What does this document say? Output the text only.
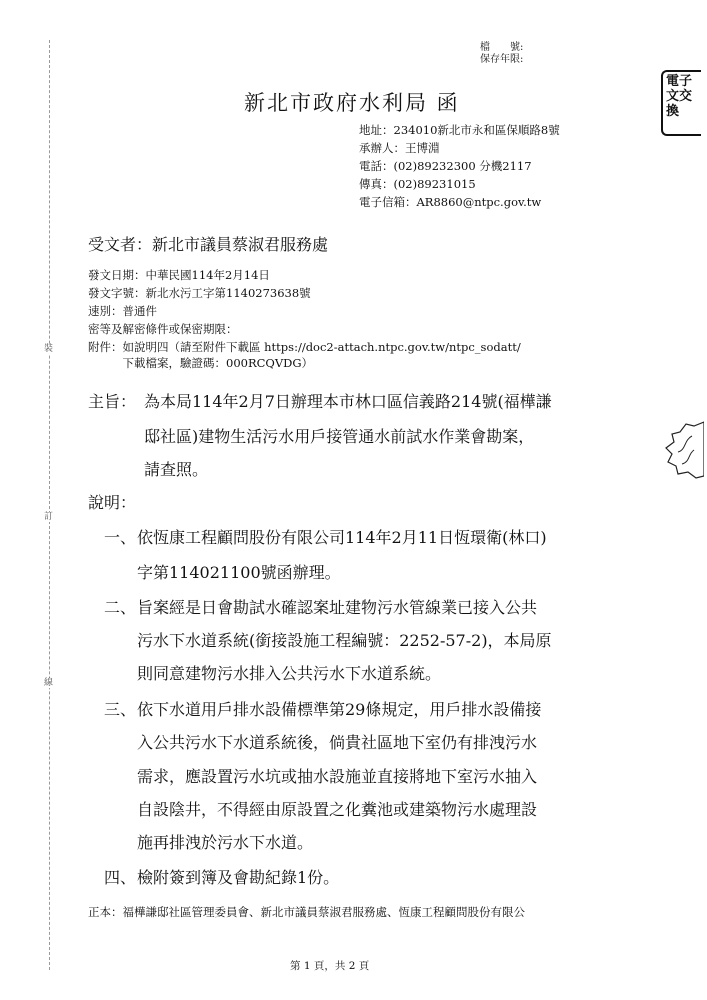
裝
訂
線
檔　　號:
保存年限:
電子
文交
換
新北市政府水利局 函
地址：234010新北市永和區保順路8號
承辦人：王博淵
電話：(02)89232300 分機2117
傳真：(02)89231015
電子信箱：AR8860@ntpc.gov.tw
受文者：新北市議員蔡淑君服務處
發文日期：中華民國114年2月14日
發文字號：新北水污工字第1140273638號
速別：普通件
密等及解密條件或保密期限：
附件：如說明四（請至附件下載區 https://doc2-attach.ntpc.gov.tw/ntpc_sodatt/
　　　下載檔案，驗證碼：000RCQVDG）
主旨： 為本局114年2月7日辦理本市林口區信義路214號(福樺謙
邸社區)建物生活污水用戶接管通水前試水作業會勘案，
請查照。
說明：
一、 依恆康工程顧問股份有限公司114年2月11日恆環衛(林口)
字第114021100號函辦理。
二、 旨案經是日會勘試水確認案址建物污水管線業已接入公共
污水下水道系統(銜接設施工程編號：2252-57-2)，本局原
則同意建物污水排入公共污水下水道系統。
三、 依下水道用戶排水設備標準第29條規定，用戶排水設備接
入公共污水下水道系統後，倘貴社區地下室仍有排洩污水
需求，應設置污水坑或抽水設施並直接將地下室污水抽入
自設陰井，不得經由原設置之化糞池或建築物污水處理設
施再排洩於污水下水道。
四、 檢附簽到簿及會勘紀錄1份。
正本：福樺謙邸社區管理委員會、新北市議員蔡淑君服務處、恆康工程顧問股份有限公
第 1 頁，共 2 頁
